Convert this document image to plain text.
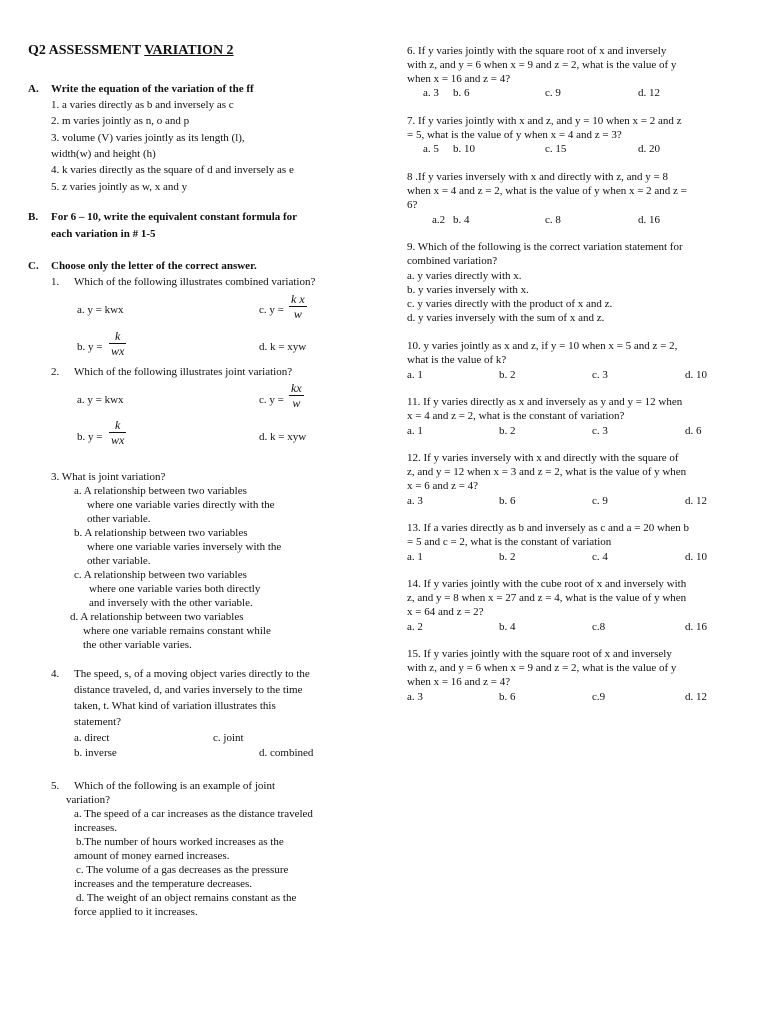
Q2 ASSESSMENT VARIATION 2
A. Write the equation of the variation of the ff
1. a varies directly as b and inversely as c
2. m varies jointly as n, o and p
3. volume (V) varies jointly as its length (l),
width(w) and height (h)
4. k varies directly as the square of d and inversely as e
5. z varies jointly as w, x and y
B. For 6 – 10, write the equivalent constant formula for
each variation in # 1-5
C. Choose only the letter of the correct answer.
1. Which of the following illustrates combined variation?
a. y = kwx	c. $y = \frac{\text{k x}}{w}$
b. $y = \frac{k}{wx}$	d. k = xyw
2. Which of the following illustrates joint variation?
a. y = kwx	c. $y = \frac{kx}{w}$
b. $y = \frac{k}{wx}$	d. k = xyw
3. What is joint variation?
a. A relationship between two variables
where one variable varies directly with the
other variable.
b. A relationship between two variables
where one variable varies inversely with the
other variable.
c. A relationship between two variables
where one variable varies both directly
and inversely with the other variable.
d. A relationship between two variables
where one variable remains constant while
the other variable varies.
4. The speed, s, of a moving object varies directly to the
distance traveled, d, and varies inversely to the time
taken, t. What kind of variation illustrates this
statement?
a. direct	c. joint
b. inverse	d. combined
5. Which of the following is an example of joint
variation?
a. The speed of a car increases as the distance traveled
increases.
b.The number of hours worked increases as the
amount of money earned increases.
c. The volume of a gas decreases as the pressure
increases and the temperature decreases.
d. The weight of an object remains constant as the
force applied to it increases.
6. If y varies jointly with the square root of x and inversely
with z, and y = 6 when x = 9 and z = 2, what is the value of y
when x = 16 and z = 4?
a. 3 b. 6	c. 9	d. 12
7. If y varies jointly with x and z, and y = 10 when x = 2 and z
= 5, what is the value of y when x = 4 and z = 3?
a. 5 b. 10	c. 15	d. 20
8 .If y varies inversely with x and directly with z, and y = 8
when x = 4 and z = 2, what is the value of y when x = 2 and z =
6?
a.2 b. 4	c. 8	d. 16
9. Which of the following is the correct variation statement for
combined variation?
a. y varies directly with x.
b. y varies inversely with x.
c. y varies directly with the product of x and z.
d. y varies inversely with the sum of x and z.
10. y varies jointly as x and z, if y = 10 when x = 5 and z = 2,
what is the value of k?
a. 1	b. 2	c. 3	d. 10
11. If y varies directly as x and inversely as y and y = 12 when
x = 4 and z = 2, what is the constant of variation?
a. 1	b. 2	c. 3	d. 6
12. If y varies inversely with x and directly with the square of
z, and y = 12 when x = 3 and z = 2, what is the value of y when
x = 6 and z = 4?
a. 3	b. 6	c. 9	d. 12
13. If a varies directly as b and inversely as c and a = 20 when b
= 5 and c = 2, what is the constant of variation
a. 1	b. 2	c. 4	d. 10
14. If y varies jointly with the cube root of x and inversely with
z, and y = 8 when x = 27 and z = 4, what is the value of y when
x = 64 and z = 2?
a. 2	b. 4	c.8	d. 16
15. If y varies jointly with the square root of x and inversely
with z, and y = 6 when x = 9 and z = 2, what is the value of y
when x = 16 and z = 4?
a. 3	b. 6	c.9	d. 12
